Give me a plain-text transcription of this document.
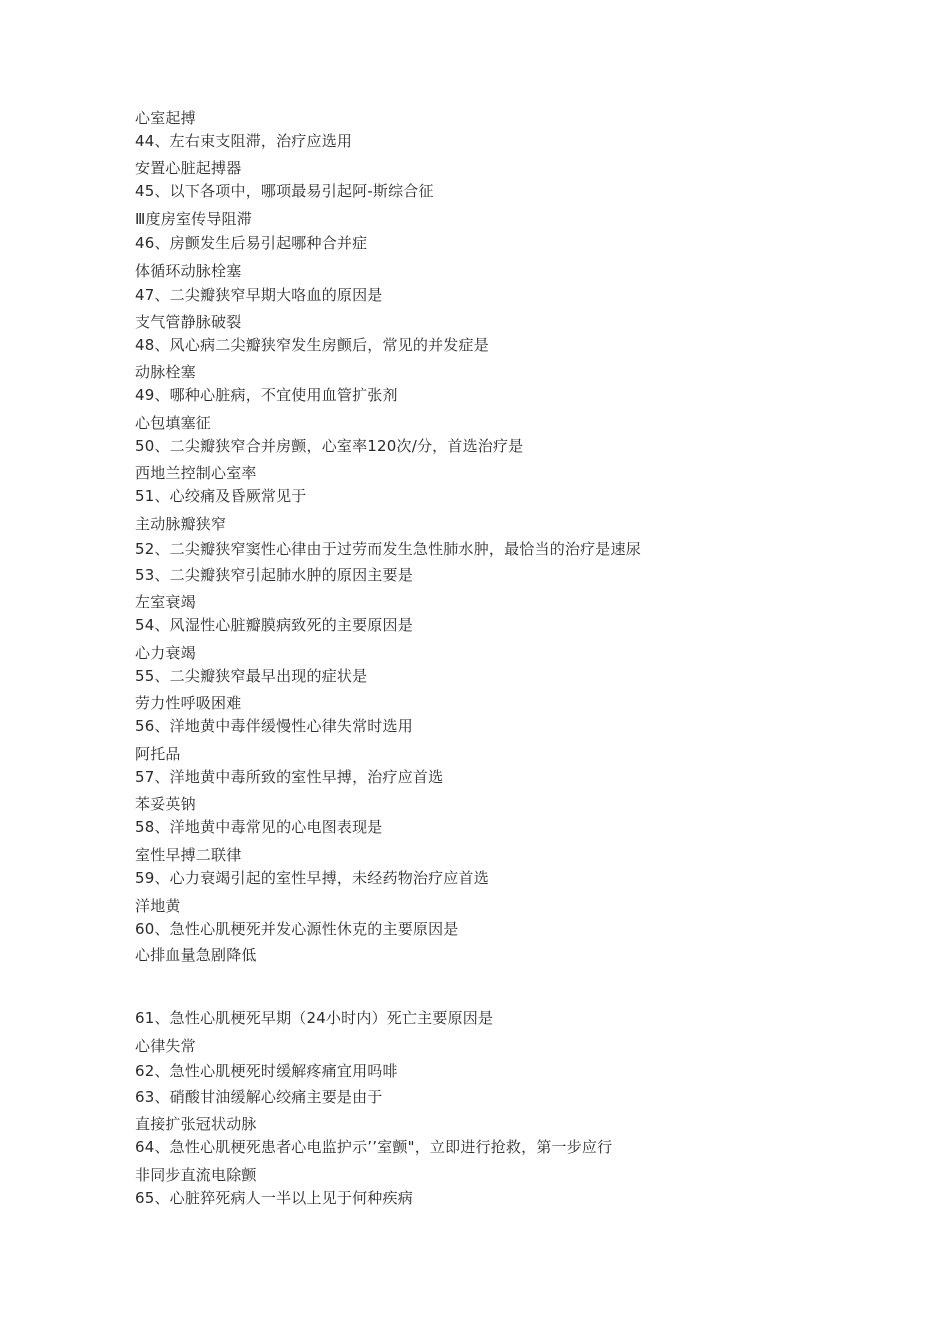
心室起搏
44、左右束支阻滞，治疗应选用
安置心脏起搏器
45、以下各项中，哪项最易引起阿-斯综合征
Ⅲ度房室传导阻滞
46、房颤发生后易引起哪种合并症
体循环动脉栓塞
47、二尖瓣狭窄早期大咯血的原因是
支气管静脉破裂
48、风心病二尖瓣狭窄发生房颤后，常见的并发症是
动脉栓塞
49、哪种心脏病，不宜使用血管扩张剂
心包填塞征
50、二尖瓣狭窄合并房颤，心室率120次/分，首选治疗是
西地兰控制心室率
51、心绞痛及昏厥常见于
主动脉瓣狭窄
52、二尖瓣狭窄窦性心律由于过劳而发生急性肺水肿，最恰当的治疗是速尿
53、二尖瓣狭窄引起肺水肿的原因主要是
左室衰竭
54、风湿性心脏瓣膜病致死的主要原因是
心力衰竭
55、二尖瓣狭窄最早出现的症状是
劳力性呼吸困难
56、洋地黄中毒伴缓慢性心律失常时选用
阿托品
57、洋地黄中毒所致的室性早搏，治疗应首选
苯妥英钠
58、洋地黄中毒常见的心电图表现是
室性早搏二联律
59、心力衰竭引起的室性早搏，未经药物治疗应首选
洋地黄
60、急性心肌梗死并发心源性休克的主要原因是
心排血量急剧降低
61、急性心肌梗死早期（24小时内）死亡主要原因是
心律失常
62、急性心肌梗死时缓解疼痛宜用吗啡
63、硝酸甘油缓解心绞痛主要是由于
直接扩张冠状动脉
64、急性心肌梗死患者心电监护示’’室颤"，立即进行抢救，第一步应行
非同步直流电除颤
65、心脏猝死病人一半以上见于何种疾病
